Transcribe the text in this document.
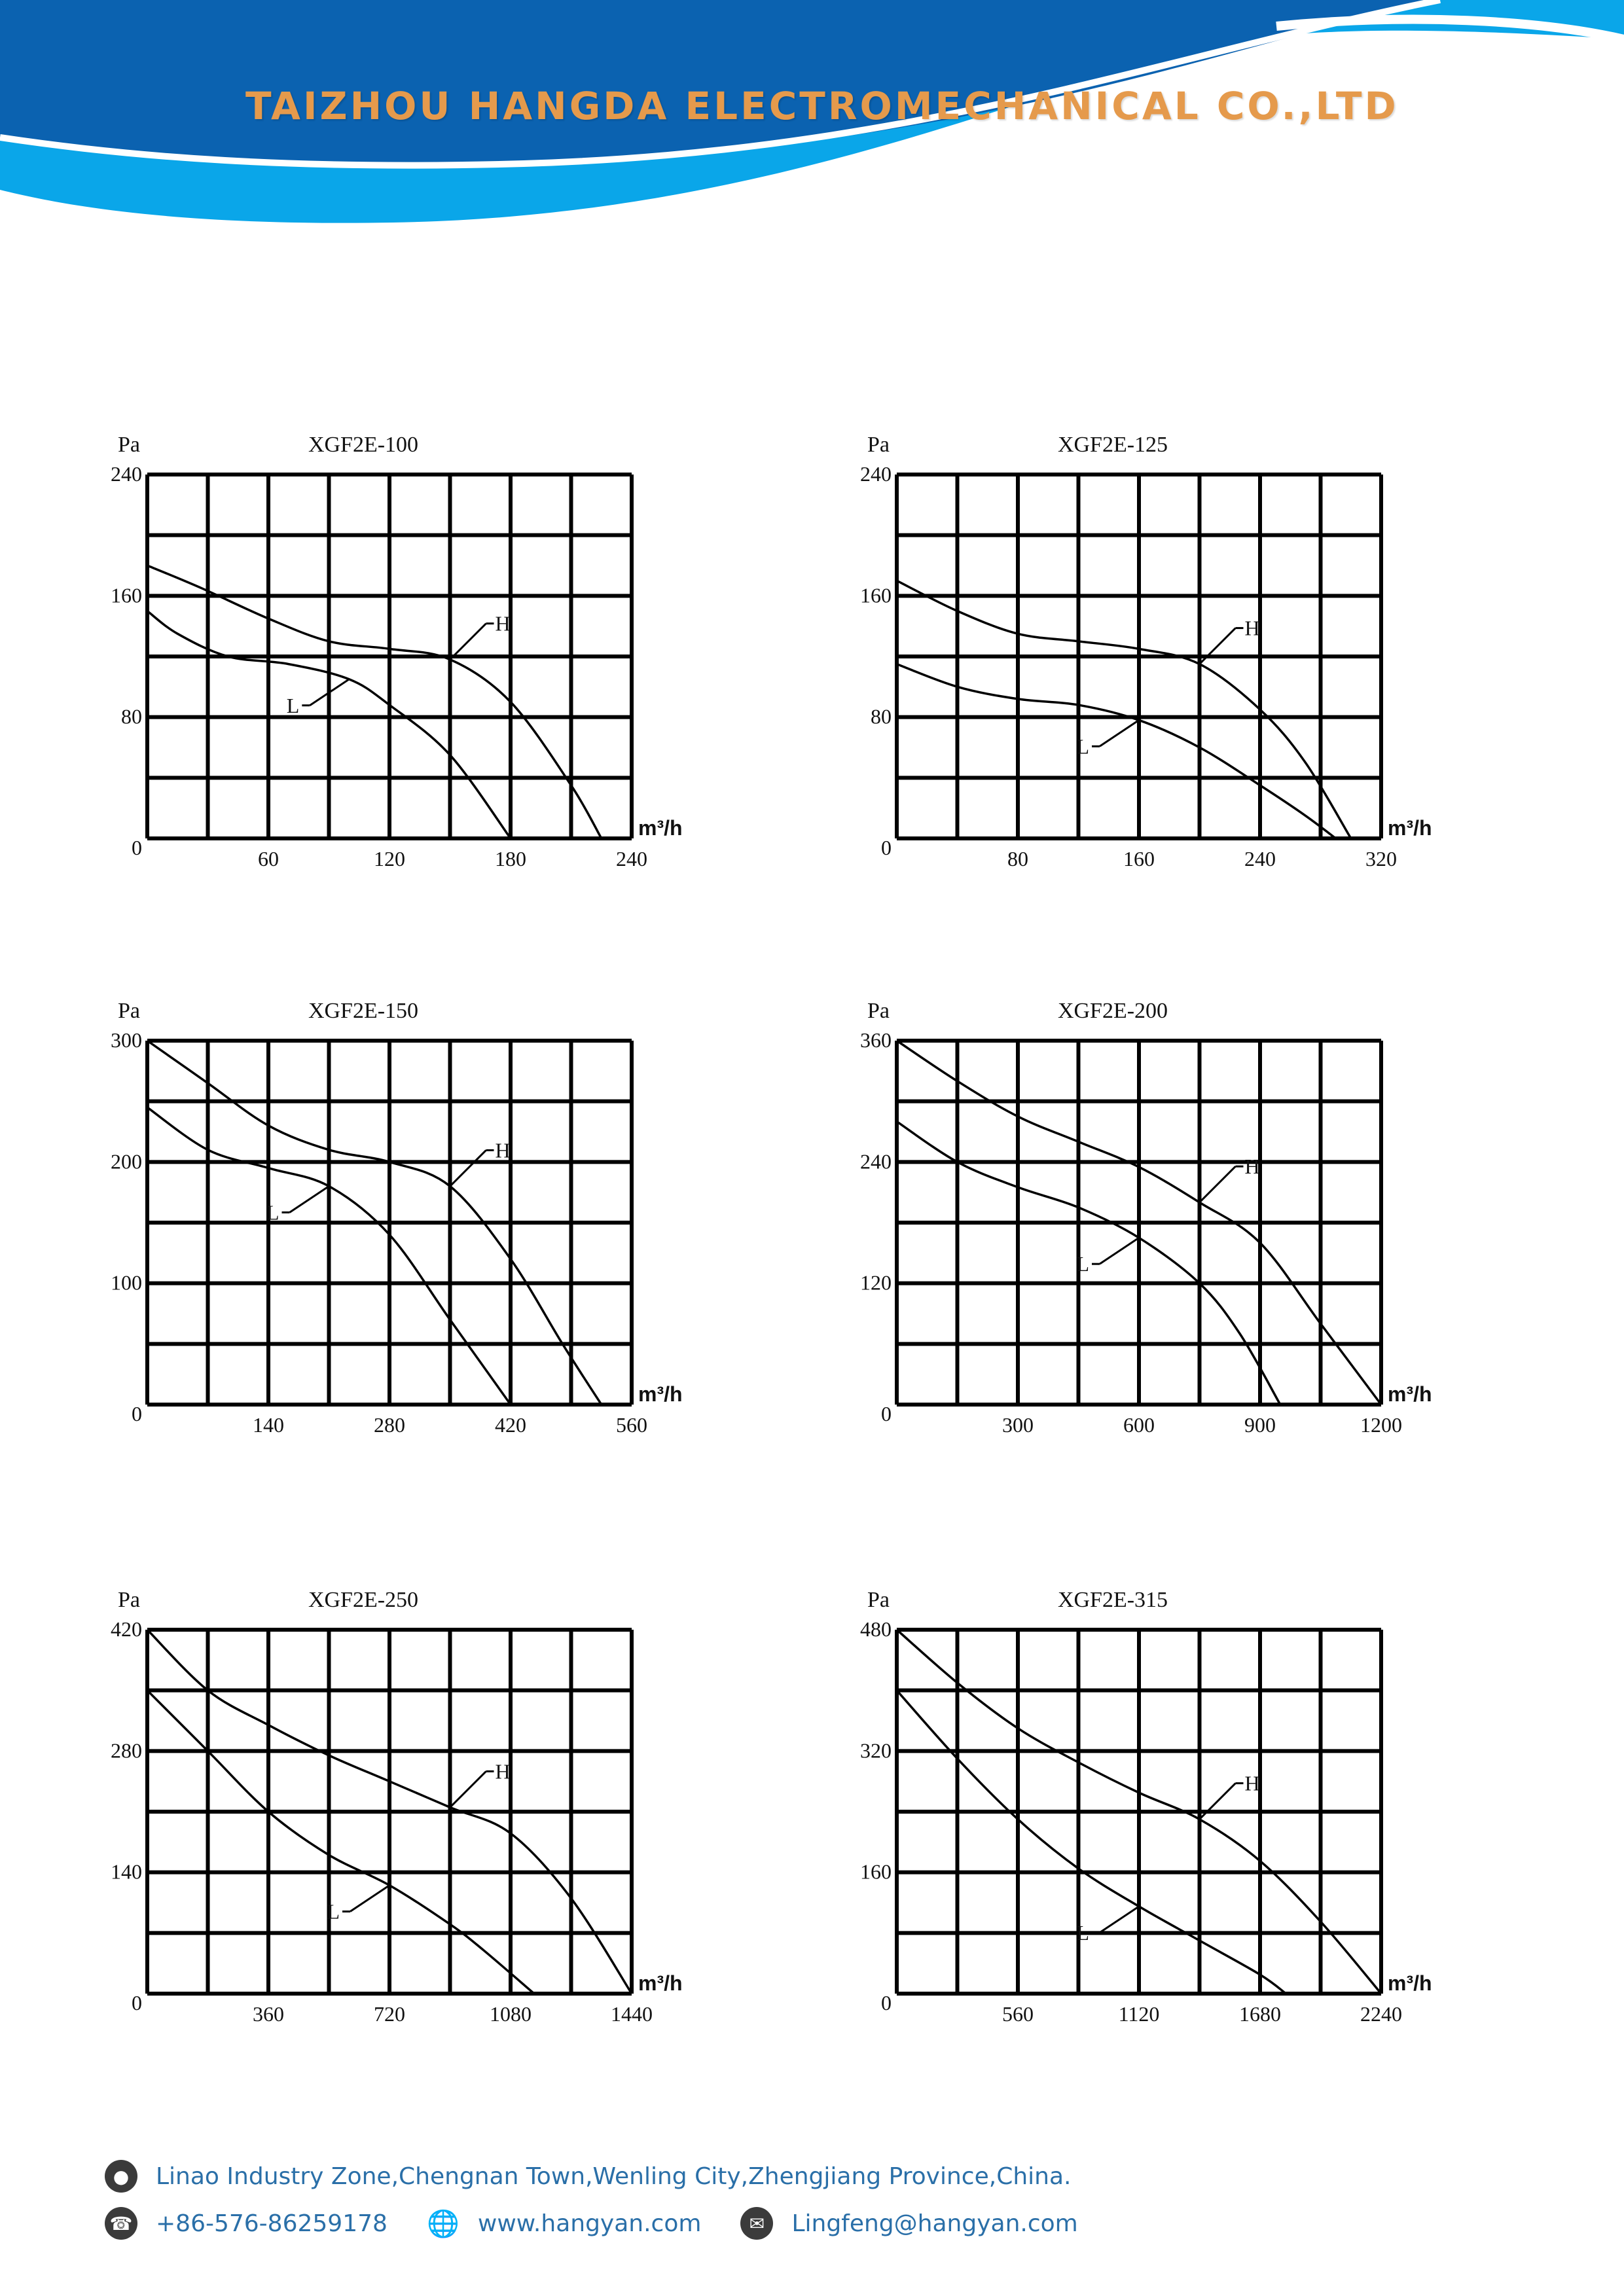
TAIZHOU HANGDA ELECTROMECHANICAL CO.,LTD
XGF2E-100
Pa
m³/h
0
80
160
240
60	120	180	240
H
L
XGF2E-125
Pa
m³/h
0
80
160
240
80	160	240	320
H
L
XGF2E-150
Pa
m³/h
0
100
200
300
140	280	420	560
H
L
XGF2E-200
Pa
m³/h
0
120
240
360
300	600	900	1200
H
L
XGF2E-250
Pa
m³/h
0
140
280
420
360	720	1080	1440
H
L
XGF2E-315
Pa
m³/h
0
160
320
480
560	1120	1680	2240
H
L
●	Linao Industry Zone,Chengnan Town,Wenling City,Zhengjiang Province,China.
☎ +86-576-86259178 🌐 www.hangyan.com	✉	Lingfeng@hangyan.com
